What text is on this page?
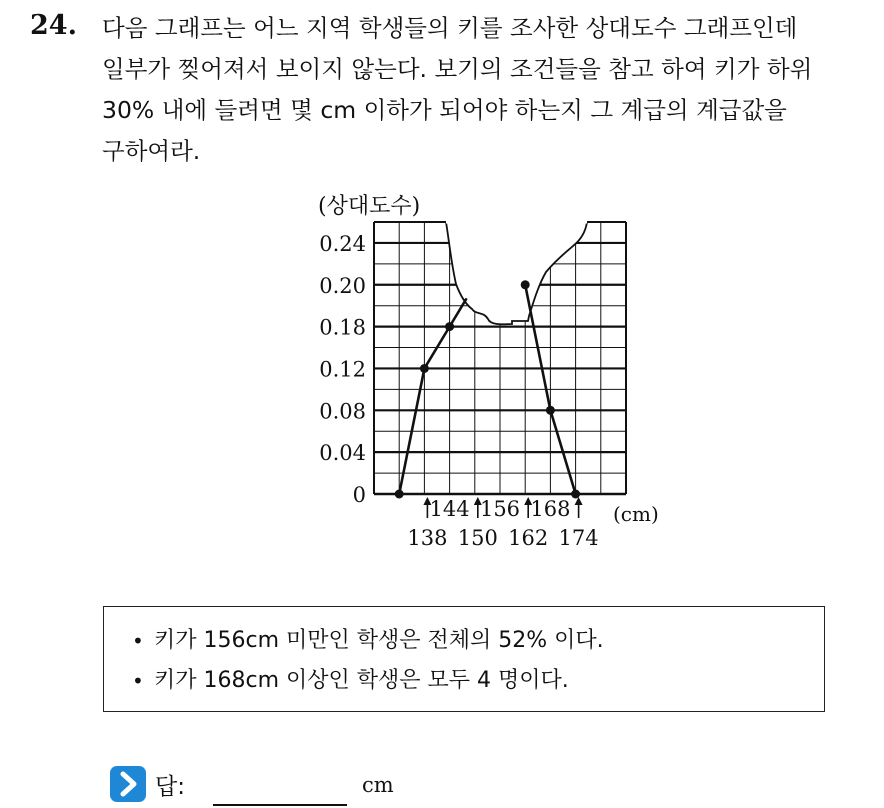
24. 다음 그래프는 어느 지역 학생들의 키를 조사한 상대도수 그래프인데
일부가 찢어져서 보이지 않는다. 보기의 조건들을 참고 하여 키가 하위
30% 내에 들려면 몇 cm 이하가 되어야 하는지 그 계급의 계급값을
구하여라.
0
0.04
0.08
0.12
0.18
0.20
0.24
(상대도수)
144 156 168
138 150 162 174
(cm)
• 키가 156cm 미만인 학생은 전체의 52% 이다.
• 키가 168cm 이상인 학생은 모두 4 명이다.
답:	cm
